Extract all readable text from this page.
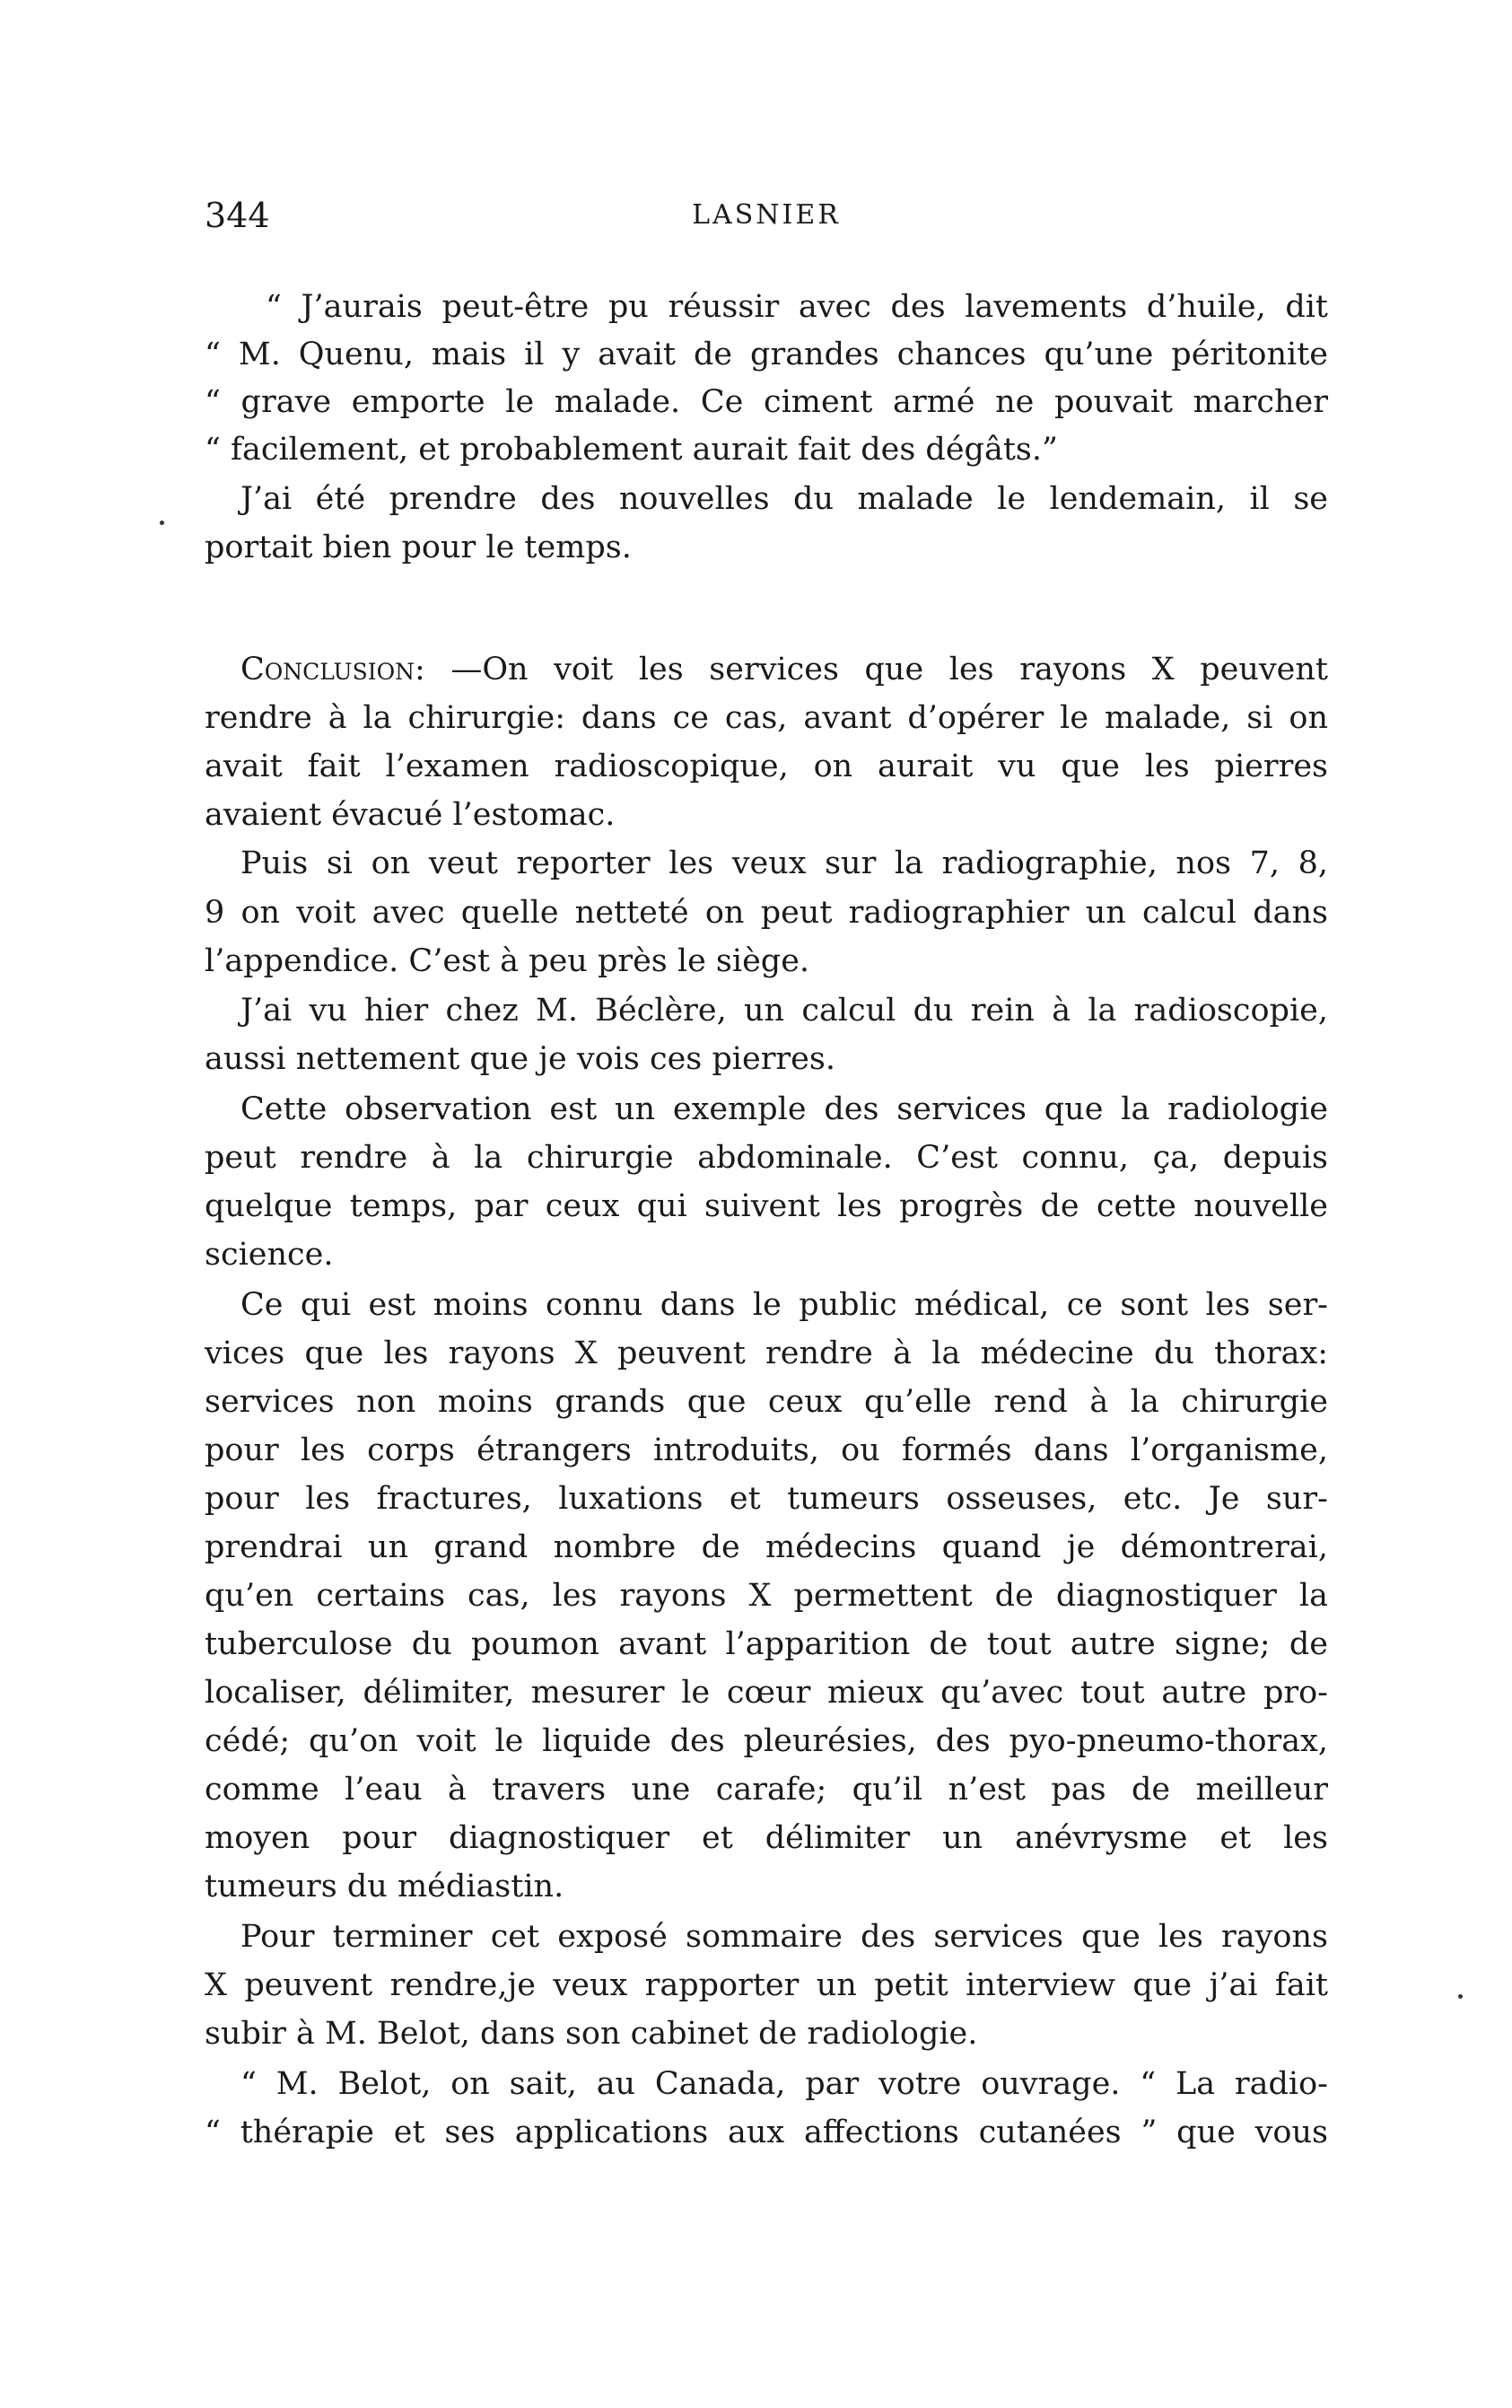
344	LASNIER
“ J’aurais peut-être pu réussir avec des lavements d’huile, dit
“ M. Quenu, mais il y avait de grandes chances qu’une péritonite
“ grave emporte le malade. Ce ciment armé ne pouvait marcher
“ facilement, et probablement aurait fait des dégâts.”
J’ai été prendre des nouvelles du malade le lendemain, il se
portait bien pour le temps.
Conclusion: —On voit les services que les rayons X peuvent
rendre à la chirurgie: dans ce cas, avant d’opérer le malade, si on
avait fait l’examen radioscopique, on aurait vu que les pierres
avaient évacué l’estomac.
Puis si on veut reporter les veux sur la radiographie, nos 7, 8,
9 on voit avec quelle netteté on peut radiographier un calcul dans
l’appendice. C’est à peu près le siège.
J’ai vu hier chez M. Béclère, un calcul du rein à la radioscopie,
aussi nettement que je vois ces pierres.
Cette observation est un exemple des services que la radiologie
peut rendre à la chirurgie abdominale. C’est connu, ça, depuis
quelque temps, par ceux qui suivent les progrès de cette nouvelle
science.
Ce qui est moins connu dans le public médical, ce sont les ser-
vices que les rayons X peuvent rendre à la médecine du thorax:
services non moins grands que ceux qu’elle rend à la chirurgie
pour les corps étrangers introduits, ou formés dans l’organisme,
pour les fractures, luxations et tumeurs osseuses, etc. Je sur-
prendrai un grand nombre de médecins quand je démontrerai,
qu’en certains cas, les rayons X permettent de diagnostiquer la
tuberculose du poumon avant l’apparition de tout autre signe; de
localiser, délimiter, mesurer le cœur mieux qu’avec tout autre pro-
cédé; qu’on voit le liquide des pleurésies, des pyo-pneumo-thorax,
comme l’eau à travers une carafe; qu’il n’est pas de meilleur
moyen pour diagnostiquer et délimiter un anévrysme et les
tumeurs du médiastin.
Pour terminer cet exposé sommaire des services que les rayons
X peuvent rendre,je veux rapporter un petit interview que j’ai fait
subir à M. Belot, dans son cabinet de radiologie.
“ M. Belot, on sait, au Canada, par votre ouvrage. “ La radio-
“ thérapie et ses applications aux affections cutanées ” que vous
